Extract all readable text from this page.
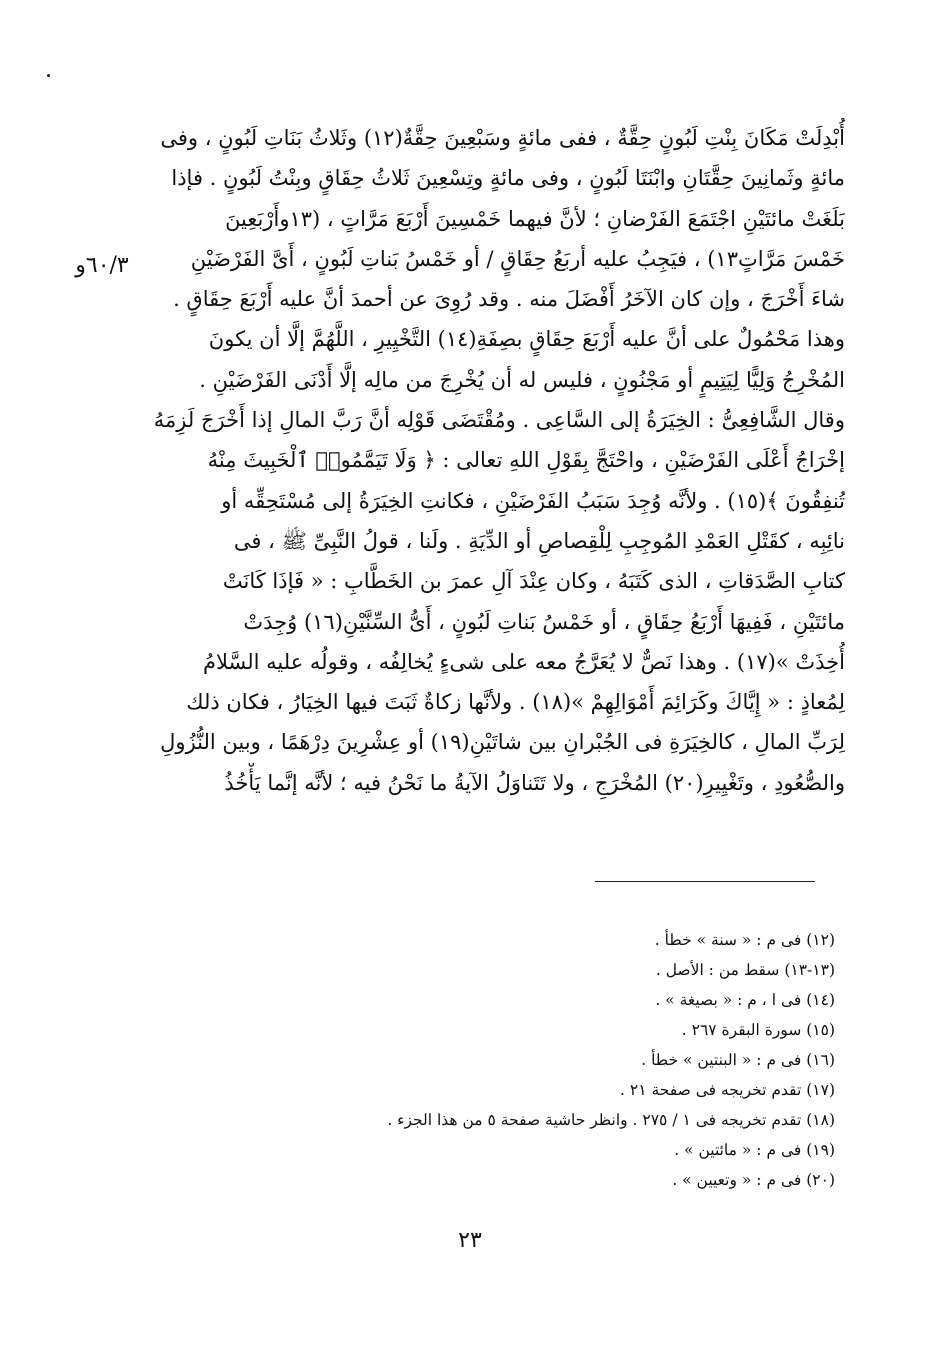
٦٠/٣و
أُبْدِلَتْ مَكَانَ بِنْتِ لَبُونٍ حِقَّةٌ ، ففى مائةٍ وسَبْعِينَ حِقَّةٌ(١٢) وثَلاثُ بَنَاتِ لَبُونٍ ، وفى
مائةٍ وثَمانِينَ حِقَّتَانِ وابْنَتَا لَبُونٍ ، وفى مائةٍ وتِسْعِينَ ثَلاثُ حِقَاقٍ وبِنْتُ لَبُونٍ . فإذا
بَلَغَتْ مائتَيْنِ اجْتَمَعَ الفَرْضانِ ؛ لأنَّ فيهما خَمْسِينَ أَرْبَعَ مَرَّاتٍ ، (١٣وأَرْبَعِينَ
خَمْسَ مَرَّاتٍ١٣) ، فيَجِبُ عليه أربَعُ حِقَاقٍ / أو خَمْسُ بَناتِ لَبُونٍ ، أَىَّ الفَرْضَيْنِ
شاءَ أَخْرَجَ ، وإن كان الآخَرُ أَفْضَلَ منه . وقد رُوِىَ عن أحمدَ أنَّ عليه أَرْبَعَ حِقَاقٍ .
وهذا مَحْمُولٌ على أنَّ عليه أَرْبَعَ حِقَاقٍ بصِفَةِ(١٤) التَّخْيِيرِ ، اللَّهُمَّ إلَّا أن يكونَ
المُخْرِجُ وَلِيًّا لِيَتِيمٍ أو مَجْنُونٍ ، فليس له أن يُخْرِجَ من مالِه إلَّا أَدْنَى الفَرْضَيْنِ .
وقال الشَّافِعِىُّ : الخِيَرَةُ إلى السَّاعِى . ومُقْتَضَى قَوْلِه أنَّ رَبَّ المالِ إذا أَخْرَجَ لَزِمَهُ
إخْرَاجُ أَعْلَى الفَرْضَيْنِ ، واحْتَجَّ بِقَوْلِ اللهِ تعالى : ﴿ وَلَا تَيَمَّمُوا۟ ٱلْخَبِيثَ مِنْهُ
تُنفِقُونَ ﴾(١٥) . ولأنَّه وُجِدَ سَبَبُ الفَرْضَيْنِ ، فكانتِ الخِيَرَةُ إلى مُسْتَحِقِّه أو
نائِبِه ، كقَتْلِ العَمْدِ المُوجِبِ لِلْقِصاصِ أو الدِّيَةِ . ولَنا ، قولُ النَّبِىِّ ﷺ ، فى
كتابِ الصَّدَقاتِ ، الذى كَتَبَهُ ، وكان عِنْدَ آلِ عمرَ بن الخَطَّابِ : « فَإذَا كَانَتْ
مائتَيْنِ ، فَفِيهَا أَرْبَعُ حِقَاقٍ ، أو خَمْسُ بَناتِ لَبُونٍ ، أَىُّ السِّنَّيْنِ(١٦) وُجِدَتْ
أُخِذَتْ »(١٧) . وهذا نَصٌّ لا يُعَرَّجُ معه على شىءٍ يُخالِفُه ، وقولُه عليه السَّلامُ
لِمُعاذٍ : « إِيَّاكَ وكَرَائِمَ أَمْوَالِهِمْ »(١٨) . ولأنَّها زكاةٌ ثَبَتَ فيها الخِيَارُ ، فكان ذلك
لِرَبِّ المالِ ، كالخِيَرَةِ فى الجُبْرانِ بين شاتَيْنِ(١٩) أو عِشْرِينَ دِرْهَمًا ، وبين النُّزُولِ
والصُّعُودِ ، وتَغْيِيرِ(٢٠) المُخْرَجِ ، ولا تَتَناوَلُ الآيةُ ما نَحْنُ فيه ؛ لأنَّه إنَّما يَأْخُذُ
(١٢) فى م : « سنة » خطأ .
(١٣-١٣) سقط من : الأصل .
(١٤) فى ا ، م : « بصيغة » .
(١٥) سورة البقرة ٢٦٧ .
(١٦) فى م : « البنتين » خطأ .
(١٧) تقدم تخريجه فى صفحة ٢١ .
(١٨) تقدم تخريجه فى ١ / ٢٧٥ . وانظر حاشية صفحة ٥ من هذا الجزء .
(١٩) فى م : « مائتين » .
(٢٠) فى م : « وتعيين » .
٢٣
